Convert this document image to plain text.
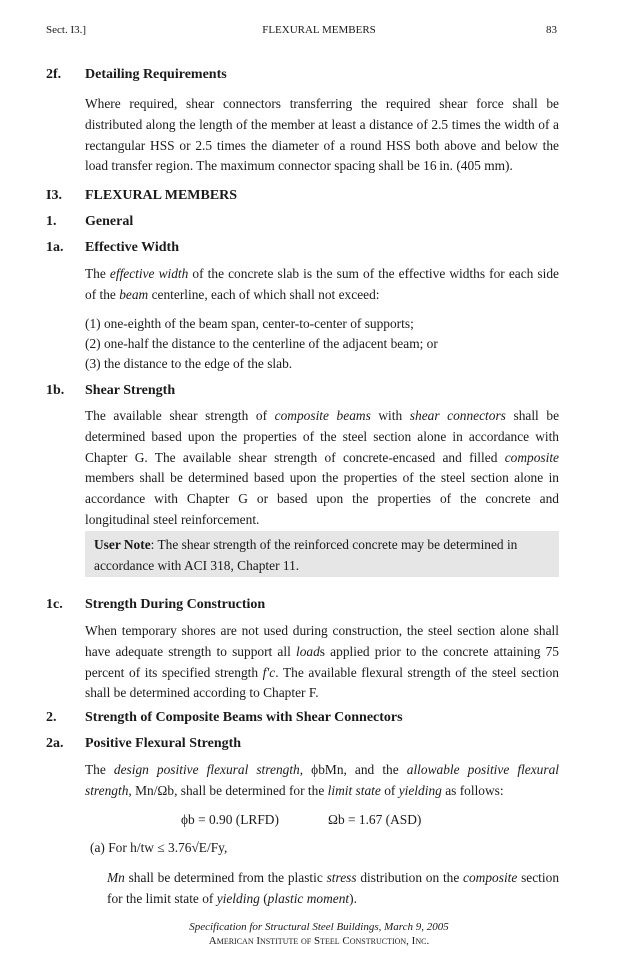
Sect. I3.]	FLEXURAL MEMBERS	83
2f. Detailing Requirements
Where required, shear connectors transferring the required shear force shall be distributed along the length of the member at least a distance of 2.5 times the width of a rectangular HSS or 2.5 times the diameter of a round HSS both above and below the load transfer region. The maximum connector spacing shall be 16 in. (405 mm).
I3. FLEXURAL MEMBERS
1. General
1a. Effective Width
The effective width of the concrete slab is the sum of the effective widths for each side of the beam centerline, each of which shall not exceed:
(1) one-eighth of the beam span, center-to-center of supports;
(2) one-half the distance to the centerline of the adjacent beam; or
(3) the distance to the edge of the slab.
1b. Shear Strength
The available shear strength of composite beams with shear connectors shall be determined based upon the properties of the steel section alone in accordance with Chapter G. The available shear strength of concrete-encased and filled composite members shall be determined based upon the properties of the steel section alone in accordance with Chapter G or based upon the properties of the concrete and longitudinal steel reinforcement.
User Note: The shear strength of the reinforced concrete may be determined in accordance with ACI 318, Chapter 11.
1c. Strength During Construction
When temporary shores are not used during construction, the steel section alone shall have adequate strength to support all loads applied prior to the concrete attaining 75 percent of its specified strength f′c. The available flexural strength of the steel section shall be determined according to Chapter F.
2. Strength of Composite Beams with Shear Connectors
2a. Positive Flexural Strength
The design positive flexural strength, ϕbMn, and the allowable positive flexural strength, Mn/Ωb, shall be determined for the limit state of yielding as follows:
ϕb = 0.90 (LRFD)	Ωb = 1.67 (ASD)
(a) For h/tw ≤ 3.76√E/Fy,
Mn shall be determined from the plastic stress distribution on the composite section for the limit state of yielding (plastic moment).
Specification for Structural Steel Buildings, March 9, 2005
American Institute of Steel Construction, Inc.
